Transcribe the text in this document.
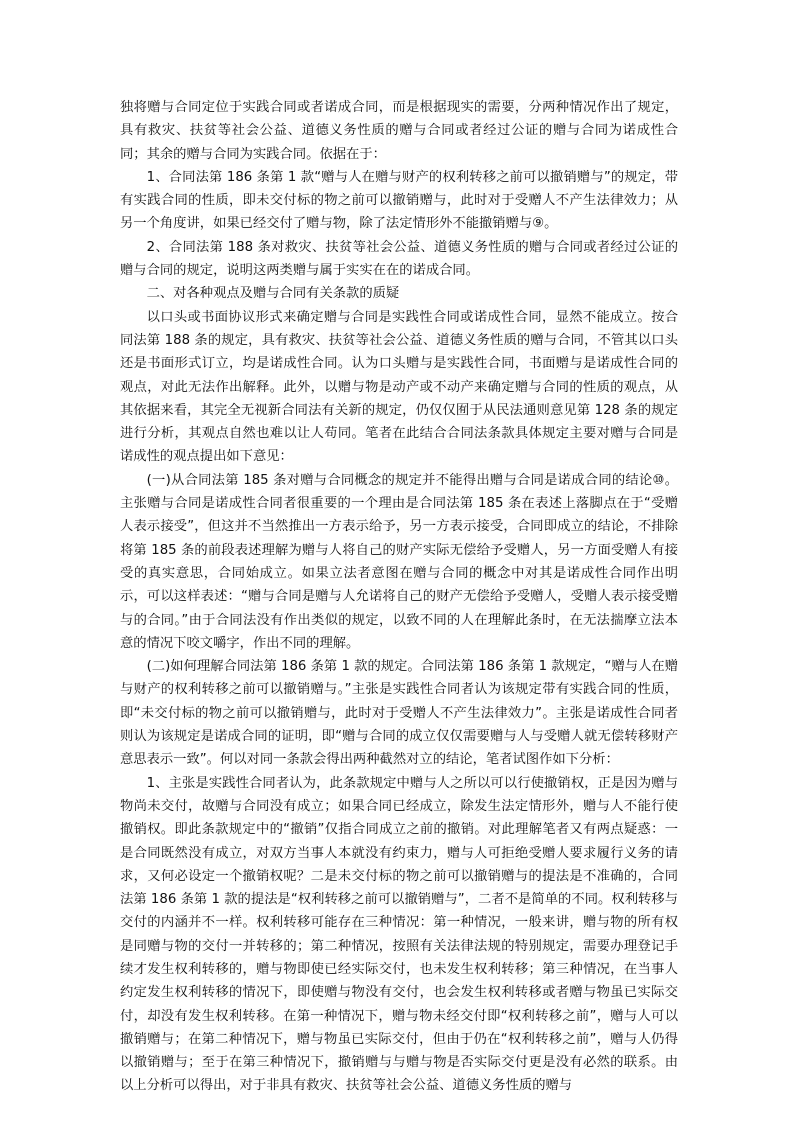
独将赠与合同定位于实践合同或者诺成合同，而是根据现实的需要，分两种情况作出了规定，具有救灾、扶贫等社会公益、道德义务性质的赠与合同或者经过公证的赠与合同为诺成性合同；其余的赠与合同为实践合同。依据在于：

1、合同法第 186 条第 1 款“赠与人在赠与财产的权利转移之前可以撤销赠与”的规定，带有实践合同的性质，即未交付标的物之前可以撤销赠与，此时对于受赠人不产生法律效力；从另一个角度讲，如果已经交付了赠与物，除了法定情形外不能撤销赠与⑨。

2、合同法第 188 条对救灾、扶贫等社会公益、道德义务性质的赠与合同或者经过公证的赠与合同的规定，说明这两类赠与属于实实在在的诺成合同。

二、对各种观点及赠与合同有关条款的质疑

以口头或书面协议形式来确定赠与合同是实践性合同或诺成性合同，显然不能成立。按合同法第 188 条的规定，具有救灾、扶贫等社会公益、道德义务性质的赠与合同，不管其以口头还是书面形式订立，均是诺成性合同。认为口头赠与是实践性合同，书面赠与是诺成性合同的观点，对此无法作出解释。此外，以赠与物是动产或不动产来确定赠与合同的性质的观点，从其依据来看，其完全无视新合同法有关新的规定，仍仅仅囿于从民法通则意见第 128 条的规定进行分析，其观点自然也难以让人苟同。笔者在此结合合同法条款具体规定主要对赠与合同是诺成性的观点提出如下意见：

(一)从合同法第 185 条对赠与合同概念的规定并不能得出赠与合同是诺成合同的结论⑩。主张赠与合同是诺成性合同者很重要的一个理由是合同法第 185 条在表述上落脚点在于“受赠人表示接受”，但这并不当然推出一方表示给予，另一方表示接受，合同即成立的结论，不排除将第 185 条的前段表述理解为赠与人将自己的财产实际无偿给予受赠人，另一方面受赠人有接受的真实意思，合同始成立。如果立法者意图在赠与合同的概念中对其是诺成性合同作出明示，可以这样表述：“赠与合同是赠与人允诺将自己的财产无偿给予受赠人，受赠人表示接受赠与的合同。”由于合同法没有作出类似的规定，以致不同的人在理解此条时，在无法揣摩立法本意的情况下咬文嚼字，作出不同的理解。

(二)如何理解合同法第 186 条第 1 款的规定。合同法第 186 条第 1 款规定，“赠与人在赠与财产的权利转移之前可以撤销赠与。”主张是实践性合同者认为该规定带有实践合同的性质，即“未交付标的物之前可以撤销赠与，此时对于受赠人不产生法律效力”。主张是诺成性合同者则认为该规定是诺成合同的证明，即“赠与合同的成立仅仅需要赠与人与受赠人就无偿转移财产意思表示一致”。何以对同一条款会得出两种截然对立的结论，笔者试图作如下分析：

1、主张是实践性合同者认为，此条款规定中赠与人之所以可以行使撤销权，正是因为赠与物尚未交付，故赠与合同没有成立；如果合同已经成立，除发生法定情形外，赠与人不能行使撤销权。即此条款规定中的“撤销”仅指合同成立之前的撤销。对此理解笔者又有两点疑惑：一是合同既然没有成立，对双方当事人本就没有约束力，赠与人可拒绝受赠人要求履行义务的请求，又何必设定一个撤销权呢？二是未交付标的物之前可以撤销赠与的提法是不准确的，合同法第 186 条第 1 款的提法是“权利转移之前可以撤销赠与”，二者不是简单的不同。权利转移与交付的内涵并不一样。权利转移可能存在三种情况：第一种情况，一般来讲，赠与物的所有权是同赠与物的交付一并转移的；第二种情况，按照有关法律法规的特别规定，需要办理登记手续才发生权利转移的，赠与物即使已经实际交付，也未发生权利转移；第三种情况，在当事人约定发生权利转移的情况下，即使赠与物没有交付，也会发生权利转移或者赠与物虽已实际交付，却没有发生权利转移。在第一种情况下，赠与物未经交付即“权利转移之前”，赠与人可以撤销赠与；在第二种情况下，赠与物虽已实际交付，但由于仍在“权利转移之前”，赠与人仍得以撤销赠与；至于在第三种情况下，撤销赠与与赠与物是否实际交付更是没有必然的联系。由以上分析可以得出，对于非具有救灾、扶贫等社会公益、道德义务性质的赠与
